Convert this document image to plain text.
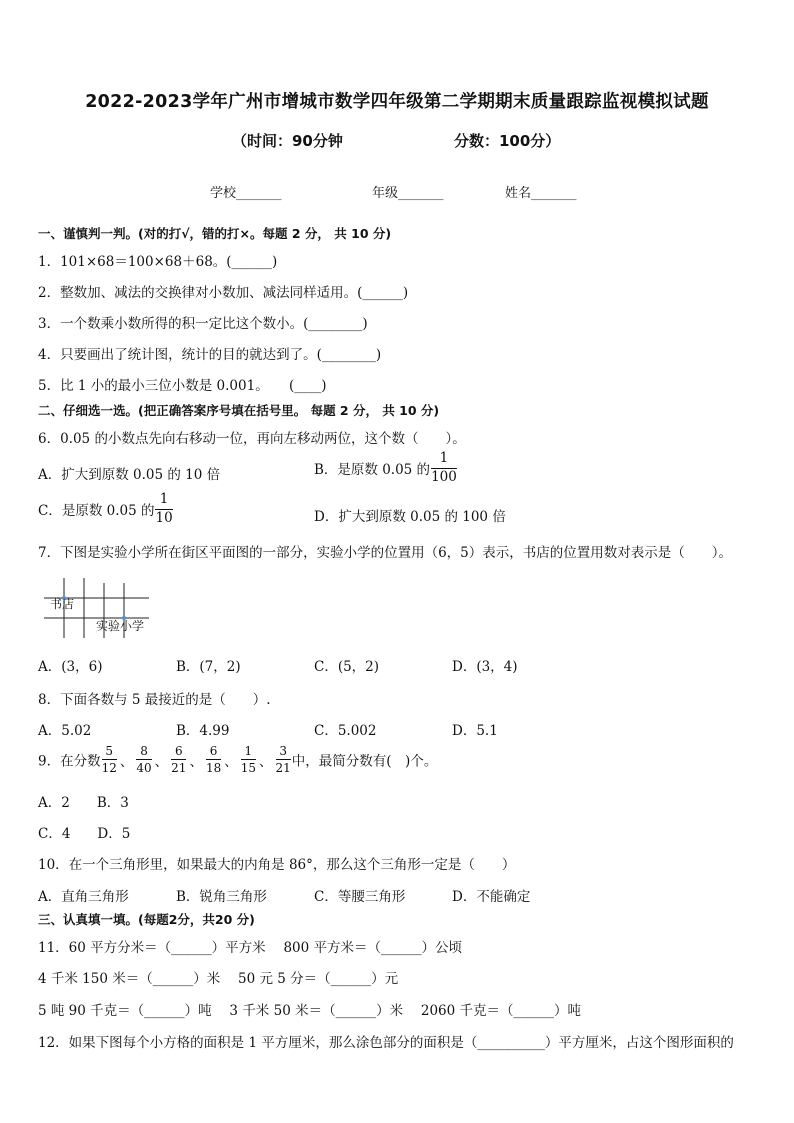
2022-2023学年广州市增城市数学四年级第二学期期末质量跟踪监视模拟试题
（时间：90分钟	分数：100分）
学校_______	年级_______	姓名_______
一、谨慎判一判。(对的打√，错的打×。每题 2 分， 共 10 分)
1．101×68＝100×68＋68。(______)
2．整数加、减法的交换律对小数加、减法同样适用。(______)
3．一个数乘小数所得的积一定比这个数小。(________)
4．只要画出了统计图，统计的目的就达到了。(________)
5．比 1 小的最小三位小数是 0.001。　　(____)
二、仔细选一选。(把正确答案序号填在括号里。 每题 2 分， 共 10 分)
6．0.05 的小数点先向右移动一位，再向左移动两位，这个数（　　）。
A．扩大到原数 0.05 的 10 倍	B．是原数 0.05 的 $\frac{1}{100}$
C．是原数 0.05 的 $\frac{1}{10}$	D．扩大到原数 0.05 的 100 倍
7．下图是实验小学所在街区平面图的一部分，实验小学的位置用（6，5）表示，书店的位置用数对表示是（　　）。
书店
实验小学
A．(3，6)	B．(7，2)	C．(5，2)	D．(3，4)
8．下面各数与 5 最接近的是（　　）.
A．5.02	B．4.99	C．5.002	D．5.1
9．在分数 $\frac{5}{12}$ 、 $\frac{8}{40}$ 、 $\frac{6}{21}$ 、 $\frac{6}{18}$ 、 $\frac{1}{15}$ 、 $\frac{3}{21}$ 中，最简分数有(　)个。
A．2　　B．3
C．4　　D．5
10．在一个三角形里，如果最大的内角是 86°，那么这个三角形一定是（　　）
A．直角三角形	B．锐角三角形	C．等腰三角形	D．不能确定
三、认真填一填。(每题2分，共20 分)
11．60 平方分米＝（______）平方米　 800 平方米＝（______）公顷
4 千米 150 米＝（______）米　 50 元 5 分＝（______）元
5 吨 90 千克＝（______）吨　 3 千米 50 米＝（______）米　 2060 千克＝（______）吨
12．如果下图每个小方格的面积是 1 平方厘米，那么涂色部分的面积是（__________）平方厘米，占这个图形面积的
